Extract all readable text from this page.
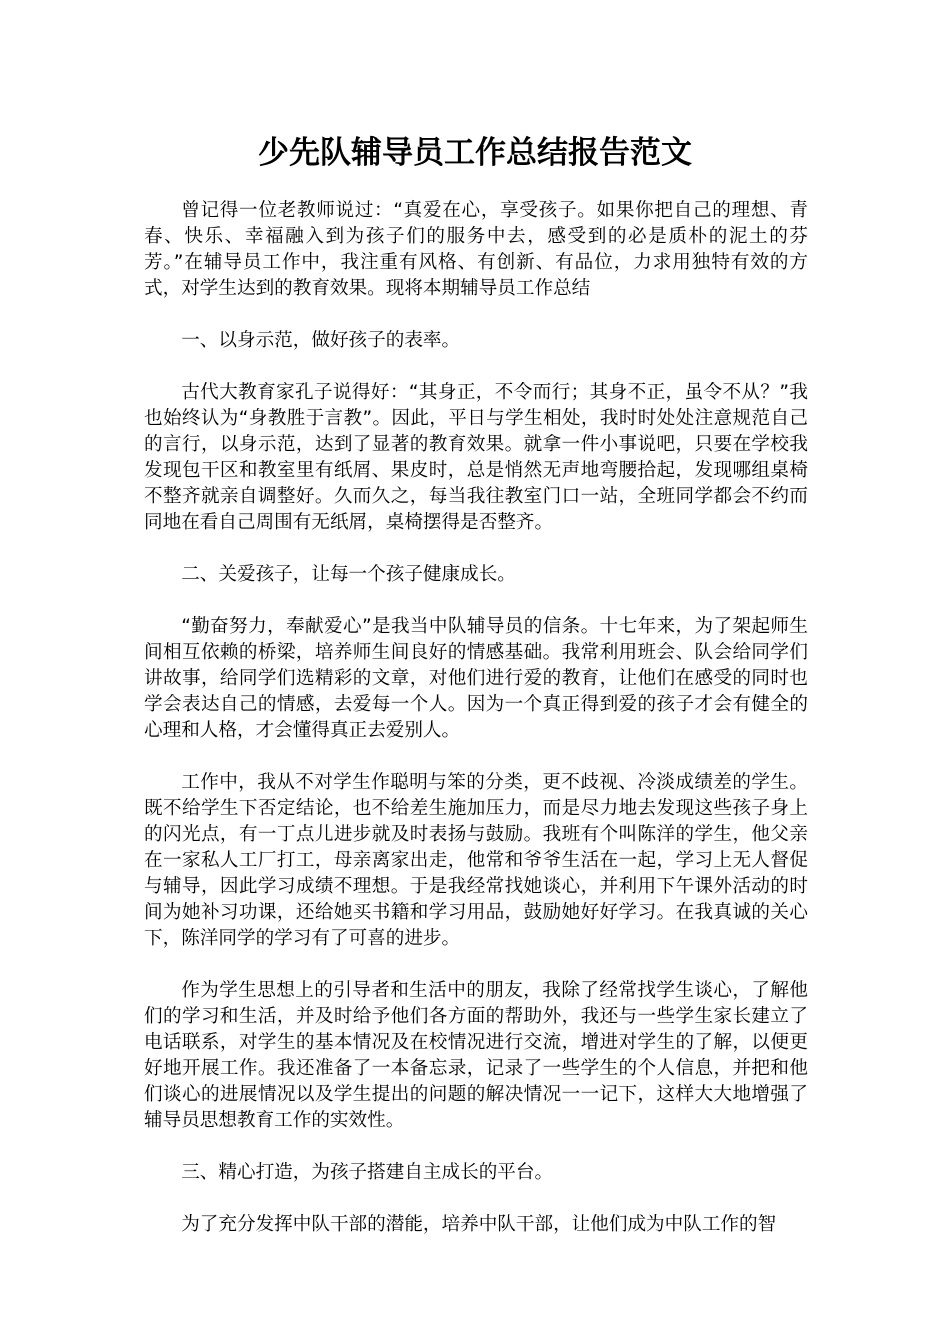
少先队辅导员工作总结报告范文

曾记得一位老教师说过：“真爱在心，享受孩子。如果你把自己的理想、青春、快乐、幸福融入到为孩子们的服务中去，感受到的必是质朴的泥土的芬芳。”在辅导员工作中，我注重有风格、有创新、有品位，力求用独特有效的方式，对学生达到的教育效果。现将本期辅导员工作总结

一、以身示范，做好孩子的表率。

古代大教育家孔子说得好：“其身正，不令而行；其身不正，虽令不从？”我也始终认为“身教胜于言教”。因此，平日与学生相处，我时时处处注意规范自己的言行，以身示范，达到了显著的教育效果。就拿一件小事说吧，只要在学校我发现包干区和教室里有纸屑、果皮时，总是悄然无声地弯腰拾起，发现哪组桌椅不整齐就亲自调整好。久而久之，每当我往教室门口一站，全班同学都会不约而同地在看自己周围有无纸屑，桌椅摆得是否整齐。

二、关爱孩子，让每一个孩子健康成长。

“勤奋努力，奉献爱心”是我当中队辅导员的信条。十七年来，为了架起师生间相互依赖的桥梁，培养师生间良好的情感基础。我常利用班会、队会给同学们讲故事，给同学们选精彩的文章，对他们进行爱的教育，让他们在感受的同时也学会表达自己的情感，去爱每一个人。因为一个真正得到爱的孩子才会有健全的心理和人格，才会懂得真正去爱别人。

工作中，我从不对学生作聪明与笨的分类，更不歧视、冷淡成绩差的学生。既不给学生下否定结论，也不给差生施加压力，而是尽力地去发现这些孩子身上的闪光点，有一丁点儿进步就及时表扬与鼓励。我班有个叫陈洋的学生，他父亲在一家私人工厂打工，母亲离家出走，他常和爷爷生活在一起，学习上无人督促与辅导，因此学习成绩不理想。于是我经常找她谈心，并利用下午课外活动的时间为她补习功课，还给她买书籍和学习用品，鼓励她好好学习。在我真诚的关心下，陈洋同学的学习有了可喜的进步。

作为学生思想上的引导者和生活中的朋友，我除了经常找学生谈心，了解他们的学习和生活，并及时给予他们各方面的帮助外，我还与一些学生家长建立了电话联系，对学生的基本情况及在校情况进行交流，增进对学生的了解，以便更好地开展工作。我还准备了一本备忘录，记录了一些学生的个人信息，并把和他们谈心的进展情况以及学生提出的问题的解决情况一一记下，这样大大地增强了辅导员思想教育工作的实效性。

三、精心打造，为孩子搭建自主成长的平台。

为了充分发挥中队干部的潜能，培养中队干部，让他们成为中队工作的智
